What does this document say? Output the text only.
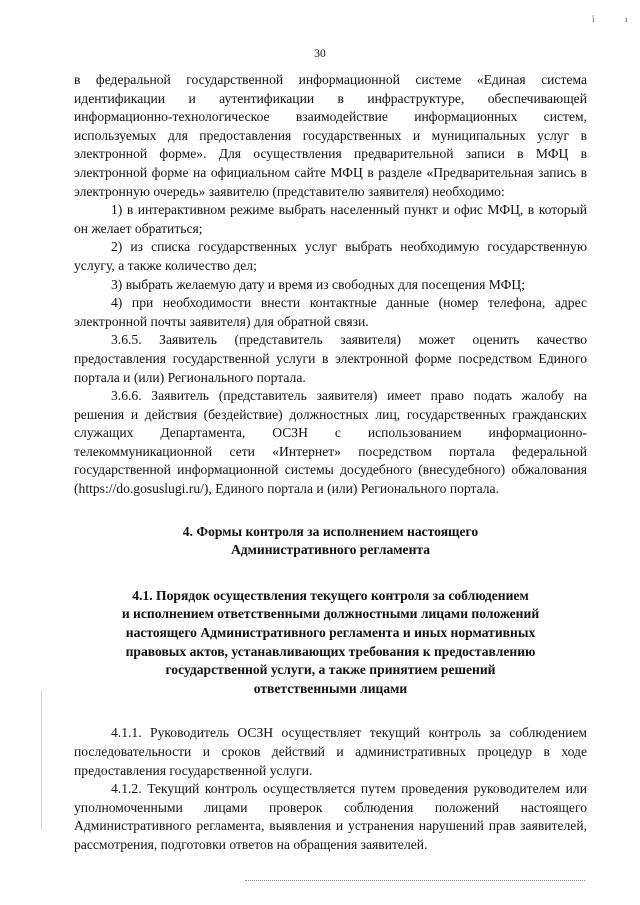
ï	ı
30

в федеральной государственной информационной системе «Единая система идентификации и аутентификации в инфраструктуре, обеспечивающей информационно-технологическое взаимодействие информационных систем, используемых для предоставления государственных и муниципальных услуг в электронной форме». Для осуществления предварительной записи в МФЦ в электронной форме на официальном сайте МФЦ в разделе «Предварительная запись в электронную очередь» заявителю (представителю заявителя) необходимо:

1) в интерактивном режиме выбрать населенный пункт и офис МФЦ, в который он желает обратиться;

2) из списка государственных услуг выбрать необходимую государственную услугу, а также количество дел;

3) выбрать желаемую дату и время из свободных для посещения МФЦ;

4) при необходимости внести контактные данные (номер телефона, адрес электронной почты заявителя) для обратной связи.

3.6.5. Заявитель (представитель заявителя) может оценить качество предоставления государственной услуги в электронной форме посредством Единого портала и (или) Регионального портала.

3.6.6. Заявитель (представитель заявителя) имеет право подать жалобу на решения и действия (бездействие) должностных лиц, государственных гражданских служащих Департамента, ОСЗН с использованием информационно-телекоммуникационной сети «Интернет» посредством портала федеральной государственной информационной системы досудебного (внесудебного) обжалования (https://do.gosuslugi.ru/), Единого портала и (или) Регионального портала.

4. Формы контроля за исполнением настоящего

Административного регламента

4.1. Порядок осуществления текущего контроля за соблюдением

и исполнением ответственными должностными лицами положений

настоящего Административного регламента и иных нормативных

правовых актов, устанавливающих требования к предоставлению

государственной услуги, а также принятием решений

ответственными лицами

4.1.1. Руководитель ОСЗН осуществляет текущий контроль за соблюдением последовательности и сроков действий и административных процедур в ходе предоставления государственной услуги.

4.1.2. Текущий контроль осуществляется путем проведения руководителем или уполномоченными лицами проверок соблюдения положений настоящего Административного регламента, выявления и устранения нарушений прав заявителей, рассмотрения, подготовки ответов на обращения заявителей.
